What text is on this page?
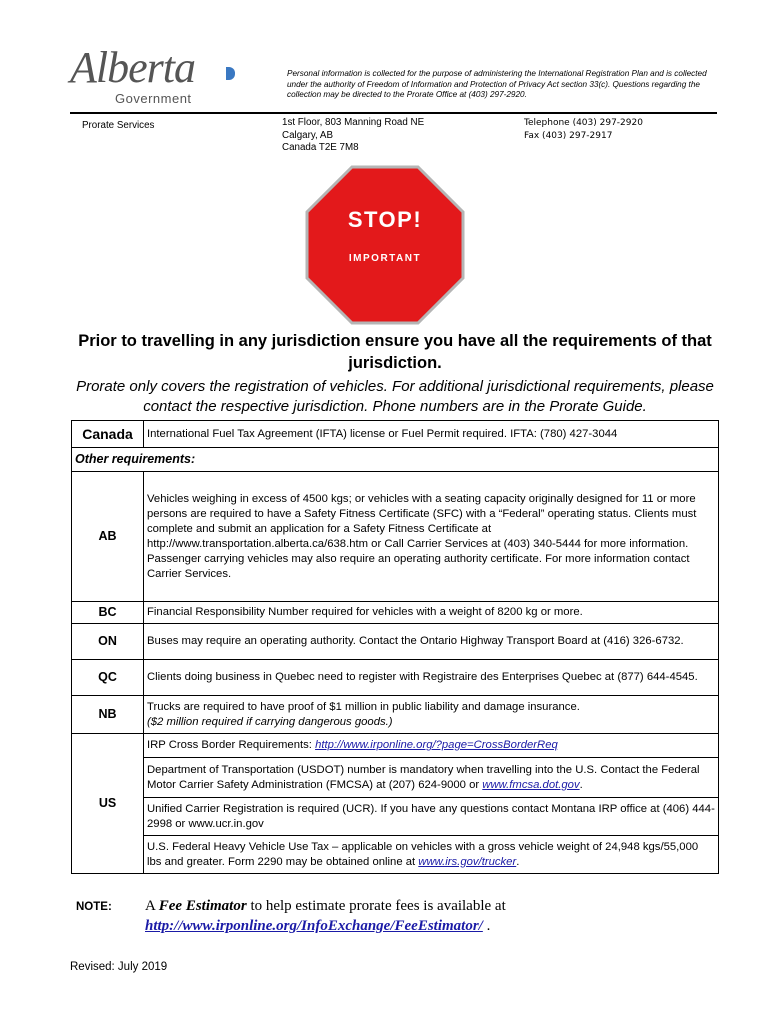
Alberta
Government
Personal information is collected for the purpose of administering the International Registration Plan and is collected under the authority of Freedom of Information and Protection of Privacy Act section 33(c). Questions regarding the collection may be directed to the Prorate Office at (403) 297-2920.
Prorate Services	1st Floor, 803 Manning Road NE
Calgary, AB
Canada T2E 7M8
Telephone (403) 297-2920
Fax (403) 297-2917
STOP!
IMPORTANT
Prior to travelling in any jurisdiction ensure you have all the requirements of that jurisdiction.
Prorate only covers the registration of vehicles. For additional jurisdictional requirements, please contact the respective jurisdiction. Phone numbers are in the Prorate Guide.
Canada	International Fuel Tax Agreement (IFTA) license or Fuel Permit required. IFTA: (780) 427-3044
Other requirements:	
AB	Vehicles weighing in excess of 4500 kgs; or vehicles with a seating capacity originally designed for 11 or more persons are required to have a Safety Fitness Certificate (SFC) with a “Federal” operating status. Clients must complete and submit an application for a Safety Fitness Certificate at http://www.transportation.alberta.ca/638.htm or Call Carrier Services at (403) 340-5444 for more information. Passenger carrying vehicles may also require an operating authority certificate. For more information contact Carrier Services.
BC	Financial Responsibility Number required for vehicles with a weight of 8200 kg or more.
ON	Buses may require an operating authority. Contact the Ontario Highway Transport Board at (416) 326-6732.
QC	Clients doing business in Quebec need to register with Registraire des Enterprises Quebec at (877) 644-4545.
NB	Trucks are required to have proof of $1 million in public liability and damage insurance.
($2 million required if carrying dangerous goods.)
US	IRP Cross Border Requirements: http://www.irponline.org/?page=CrossBorderReq
	Department of Transportation (USDOT) number is mandatory when travelling into the U.S. Contact the Federal Motor Carrier Safety Administration (FMCSA) at (207) 624-9000 or www.fmcsa.dot.gov.
	Unified Carrier Registration is required (UCR). If you have any questions contact Montana IRP office at (406) 444-2998 or www.ucr.in.gov
	U.S. Federal Heavy Vehicle Use Tax – applicable on vehicles with a gross vehicle weight of 24,948 kgs/55,000 lbs and greater. Form 2290 may be obtained online at www.irs.gov/trucker.
NOTE: A Fee Estimator to help estimate prorate fees is available at
http://www.irponline.org/InfoExchange/FeeEstimator/ .
Revised: July 2019
